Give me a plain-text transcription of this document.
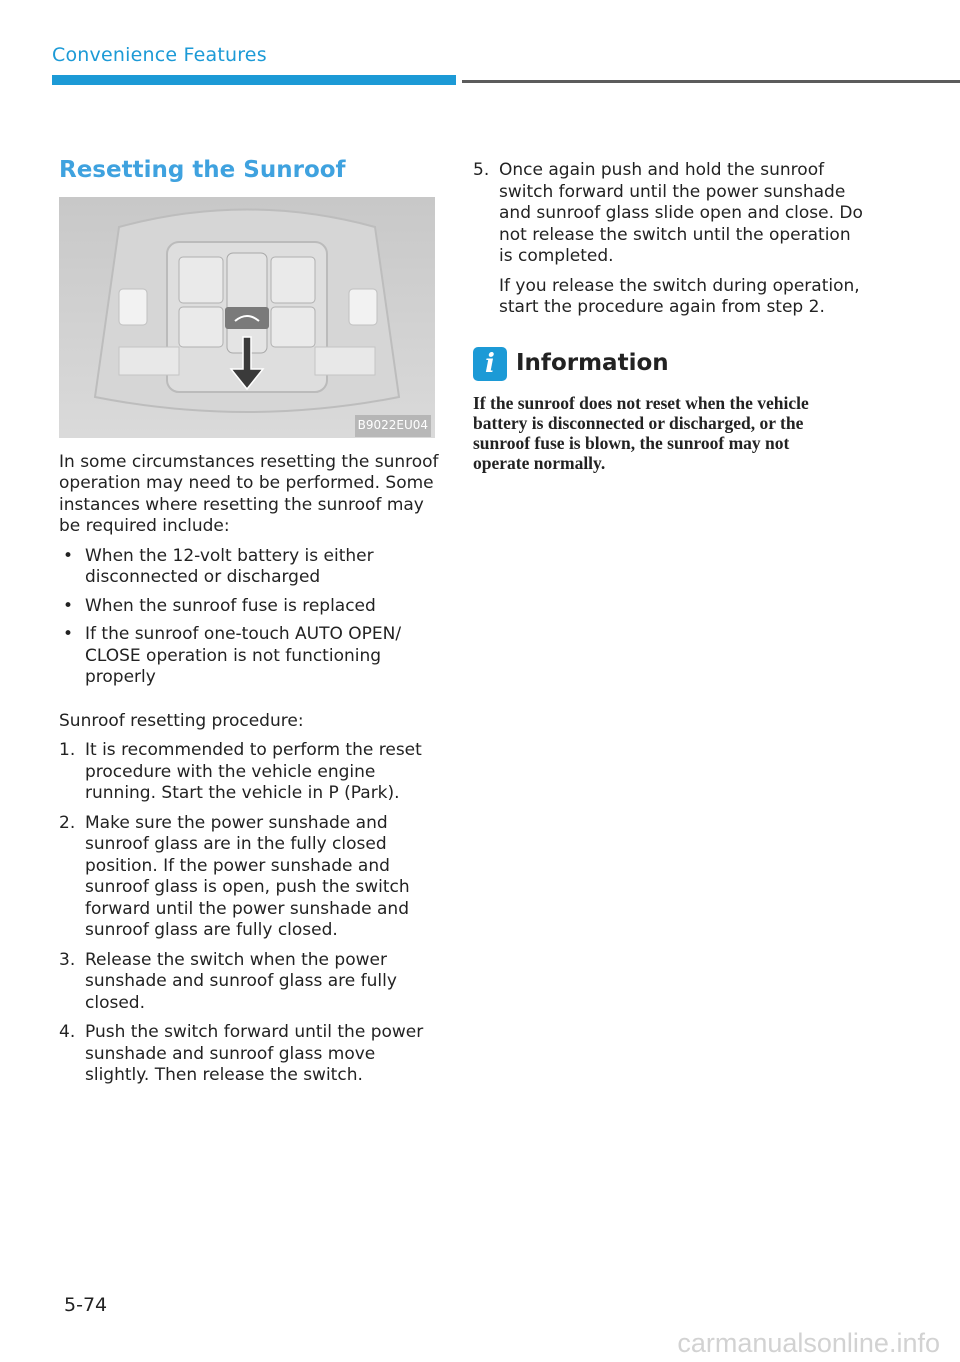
Convenience Features
Resetting the Sunroof
B9022EU04

In some circumstances resetting the sunroof operation may need to be performed. Some instances where resetting the sunroof may be required include:

• When the 12-volt battery is either disconnected or discharged
• When the sunroof fuse is replaced
• If the sunroof one-touch AUTO OPEN/ CLOSE operation is not functioning properly

Sunroof resetting procedure:

1. It is recommended to perform the reset procedure with the vehicle engine running. Start the vehicle in P (Park).
2. Make sure the power sunshade and sunroof glass are in the fully closed position. If the power sunshade and sunroof glass is open, push the switch forward until the power sunshade and sunroof glass are fully closed.
3. Release the switch when the power sunshade and sunroof glass are fully closed.
4. Push the switch forward until the power sunshade and sunroof glass move slightly. Then release the switch.
5. Once again push and hold the sunroof switch forward until the power sunshade and sunroof glass slide open and close. Do not release the switch until the operation is completed.
If you release the switch during operation, start the procedure again from step 2.
i Information
If the sunroof does not reset when the vehicle battery is disconnected or discharged, or the sunroof fuse is blown, the sunroof may not operate normally.
5-74
carmanualsonline.info
